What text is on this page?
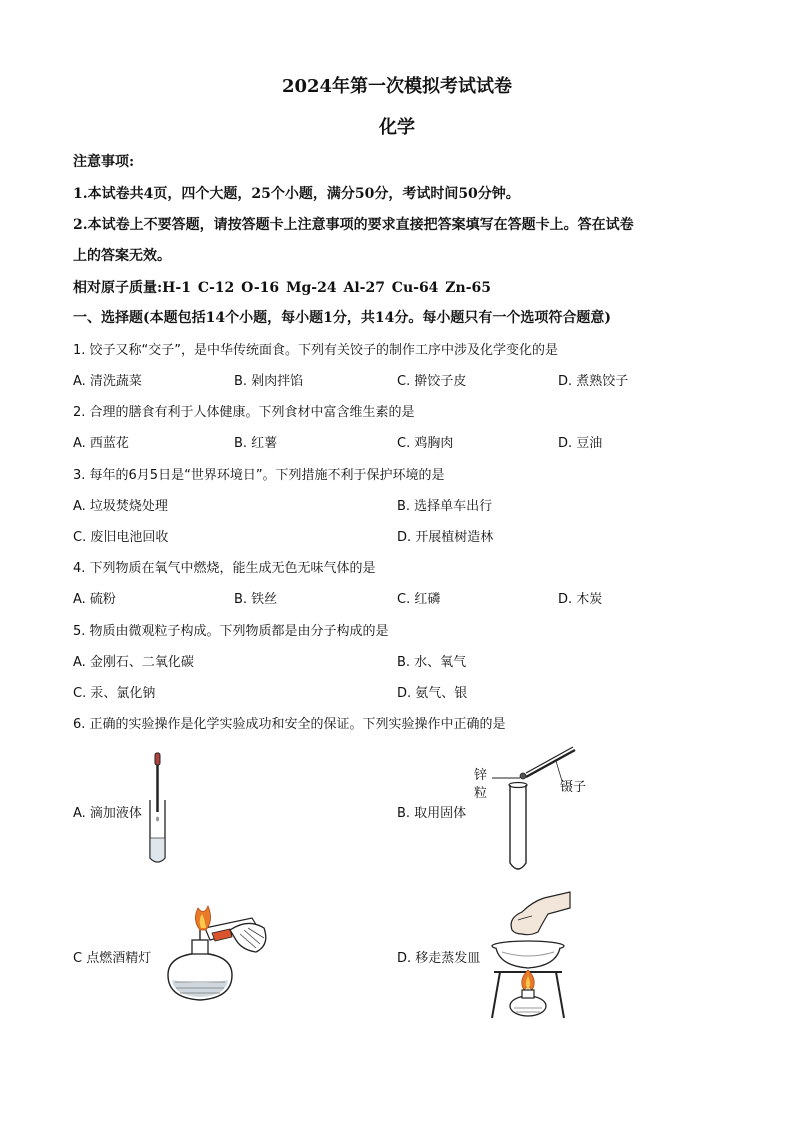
2024年第一次模拟考试试卷
化学
注意事项:
1.本试卷共4页，四个大题，25个小题，满分50分，考试时间50分钟。
2.本试卷上不要答题，请按答题卡上注意事项的要求直接把答案填写在答题卡上。答在试卷
上的答案无效。
相对原子质量:H-1 C-12 O-16 Mg-24 Al-27 Cu-64 Zn-65
一、选择题(本题包括14个小题，每小题1分，共14分。每小题只有一个选项符合题意)
1. 饺子又称“交子”，是中华传统面食。下列有关饺子的制作工序中涉及化学变化的是
A. 清洗蔬菜	B. 剁肉拌馅	C. 擀饺子皮	D. 煮熟饺子
2. 合理的膳食有利于人体健康。下列食材中富含维生素的是
A. 西蓝花	B. 红薯	C. 鸡胸肉	D. 豆油
3. 每年的6月5日是“世界环境日”。下列措施不利于保护环境的是
A. 垃圾焚烧处理	B. 选择单车出行
C. 废旧电池回收	D. 开展植树造林
4. 下列物质在氧气中燃烧，能生成无色无味气体的是
A. 硫粉	B. 铁丝	C. 红磷	D. 木炭
5. 物质由微观粒子构成。下列物质都是由分子构成的是
A. 金刚石、二氧化碳	B. 水、氧气
C. 汞、氯化钠	D. 氨气、银
6. 正确的实验操作是化学实验成功和安全的保证。下列实验操作中正确的是
A. 滴加液体	B. 取用固体
锌
粒	镊子
C 点燃酒精灯	D. 移走蒸发皿
